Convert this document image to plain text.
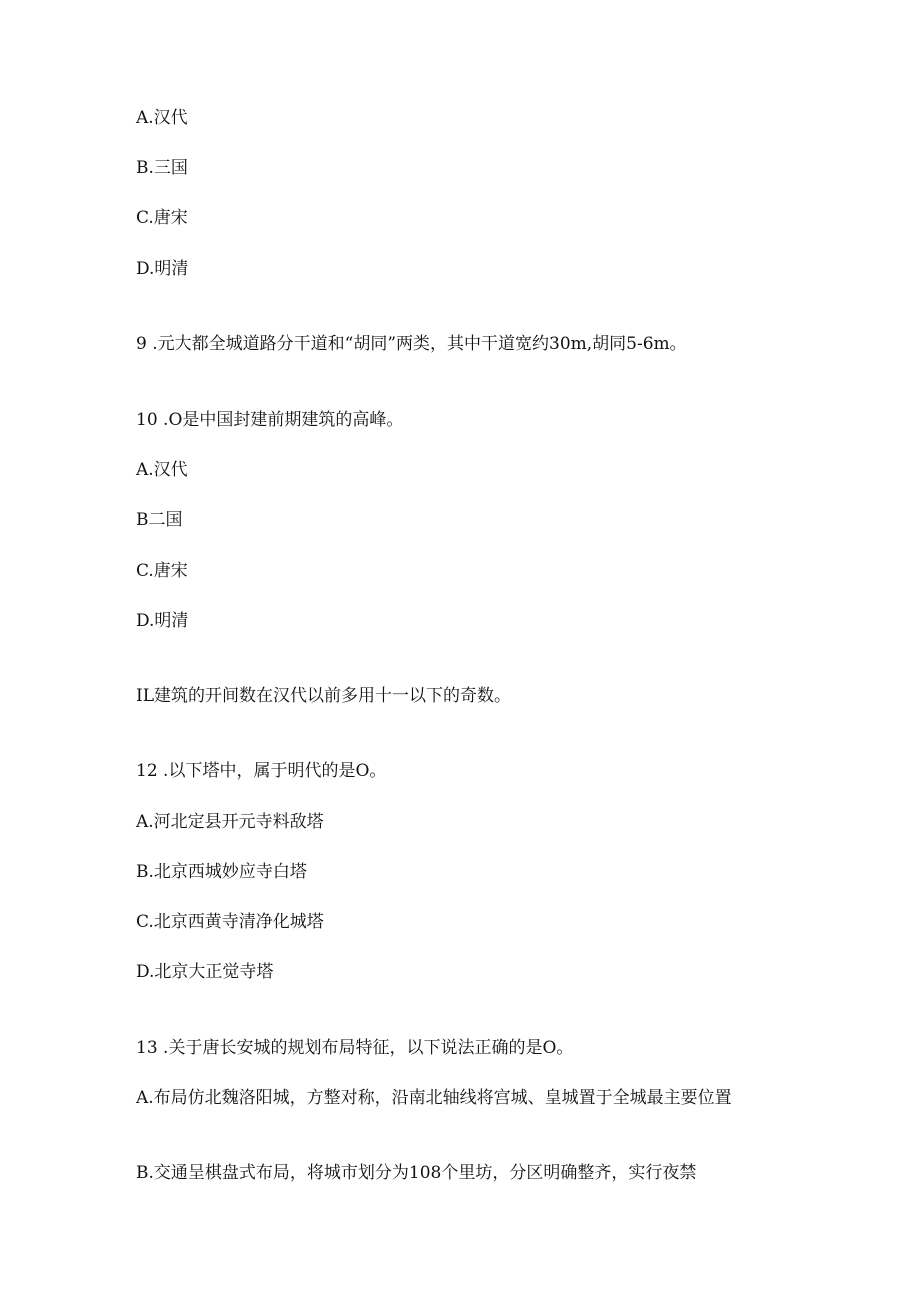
A.汉代
B.三国
C.唐宋
D.明清
9 .元大都全城道路分干道和“胡同”两类，其中干道宽约30m,胡同5-6m。
10 .O是中国封建前期建筑的高峰。
A.汉代
B二国
C.唐宋
D.明清
IL建筑的开间数在汉代以前多用十一以下的奇数。
12 .以下塔中，属于明代的是O。
A.河北定县开元寺料敌塔
B.北京西城妙应寺白塔
C.北京西黄寺清净化城塔
D.北京大正觉寺塔
13 .关于唐长安城的规划布局特征，以下说法正确的是O。
A.布局仿北魏洛阳城，方整对称，沿南北轴线将宫城、皇城置于全城最主要位置
B.交通呈棋盘式布局，将城市划分为108个里坊，分区明确整齐，实行夜禁
